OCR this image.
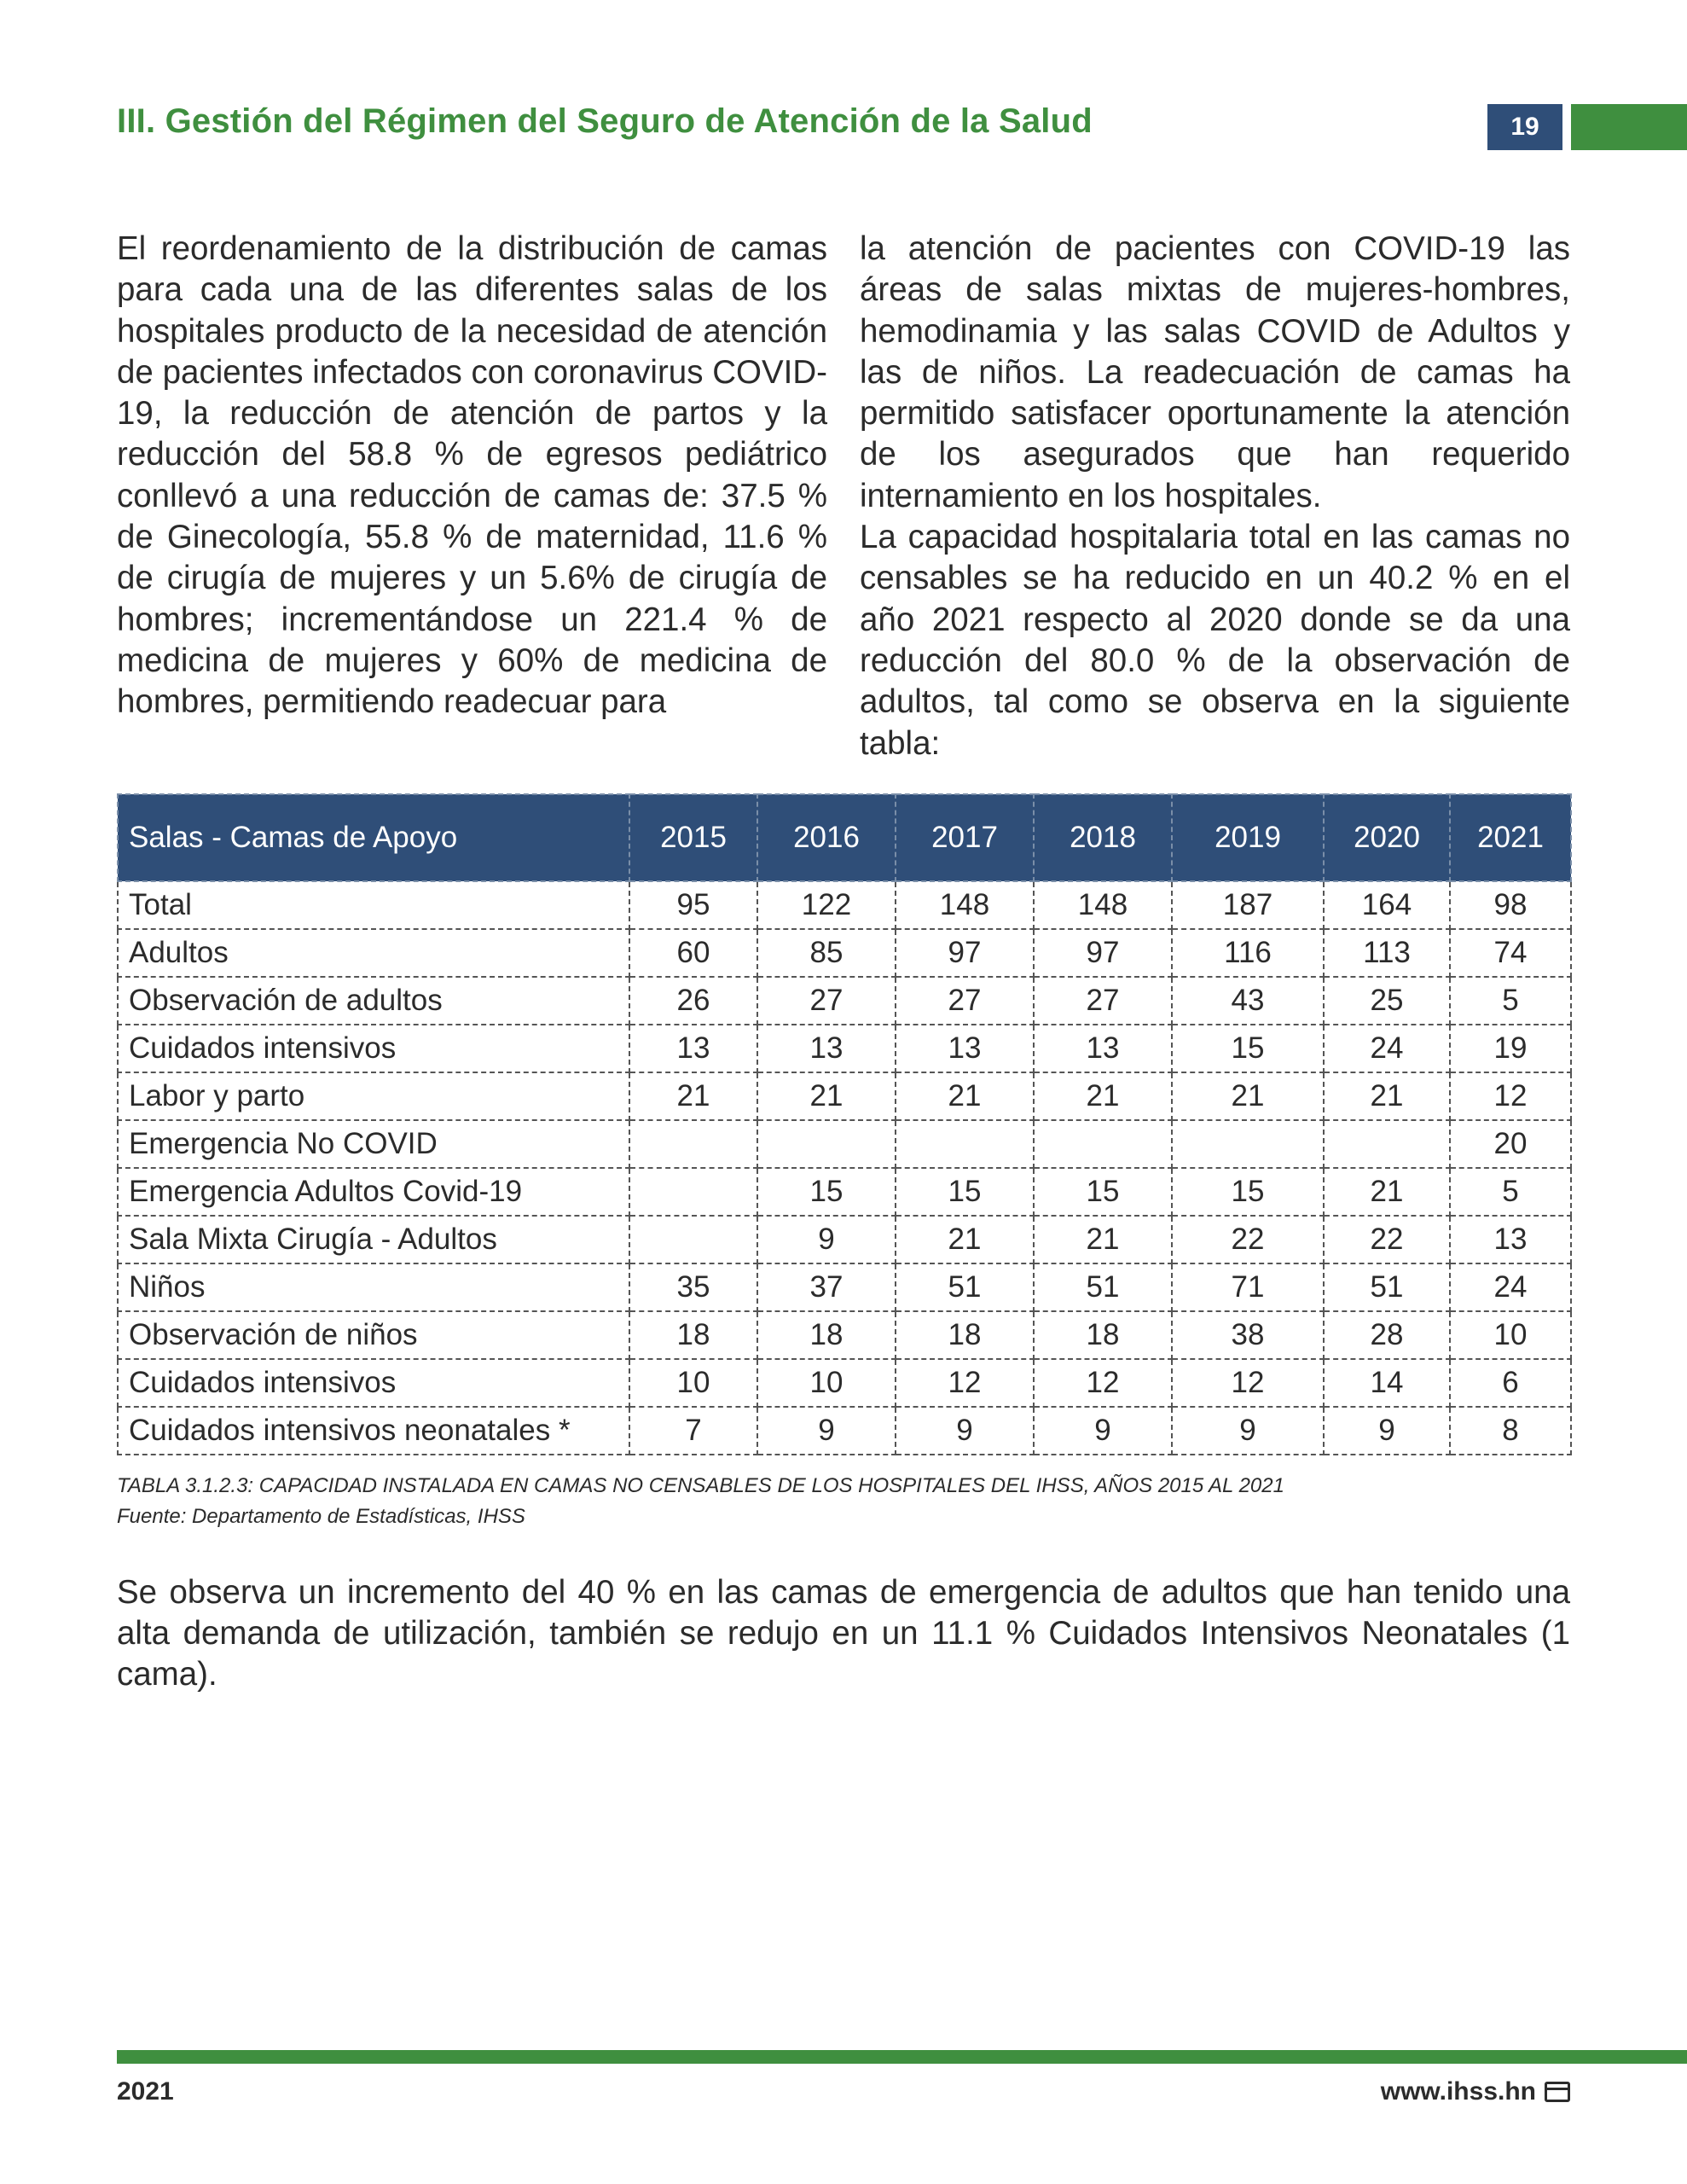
III. Gestión del Régimen del Seguro de Atención de la Salud	19

El reordenamiento de la distribución de camas para cada una de las diferentes salas de los hospitales producto de la necesidad de atención de pacientes infectados con coronavirus COVID-19, la reducción de atención de partos y la reducción del 58.8 % de egresos pediátrico conllevó a una reducción de camas de: 37.5 % de Ginecología, 55.8 % de maternidad, 11.6 % de cirugía de mujeres y un 5.6% de cirugía de hombres; incrementándose un 221.4 % de medicina de mujeres y 60% de medicina de hombres, permitiendo readecuar para

la atención de pacientes con COVID-19 las áreas de salas mixtas de mujeres-hombres, hemodinamia y las salas COVID de Adultos y las de niños. La readecuación de camas ha permitido satisfacer oportunamente la atención de los asegurados que han requerido internamiento en los hospitales.

La capacidad hospitalaria total en las camas no censables se ha reducido en un 40.2 % en el año 2021 respecto al 2020 donde se da una reducción del 80.0 % de la observación de adultos, tal como se observa en la siguiente tabla:

Salas - Camas de Apoyo	2015	2016	2017	2018	2019	2020	2021
Total	95	122	148	148	187	164	98
Adultos	60	85	97	97	116	113	74
Observación de adultos	26	27	27	27	43	25	5
Cuidados intensivos	13	13	13	13	15	24	19
Labor y parto	21	21	21	21	21	21	12
Emergencia No COVID							20
Emergencia Adultos Covid-19		15	15	15	15	21	5
Sala Mixta Cirugía - Adultos		9	21	21	22	22	13
Niños	35	37	51	51	71	51	24
Observación de niños	18	18	18	18	38	28	10
Cuidados intensivos	10	10	12	12	12	14	6
Cuidados intensivos neonatales *	7	9	9	9	9	9	8
TABLA 3.1.2.3: CAPACIDAD INSTALADA EN CAMAS NO CENSABLES DE LOS HOSPITALES DEL IHSS, AÑOS 2015 AL 2021
Fuente: Departamento de Estadísticas, IHSS
Se observa un incremento del 40 % en las camas de emergencia de adultos que han tenido una alta demanda de utilización, también se redujo en un 11.1 % Cuidados Intensivos Neonatales (1 cama).
2021	www.ihss.hn
